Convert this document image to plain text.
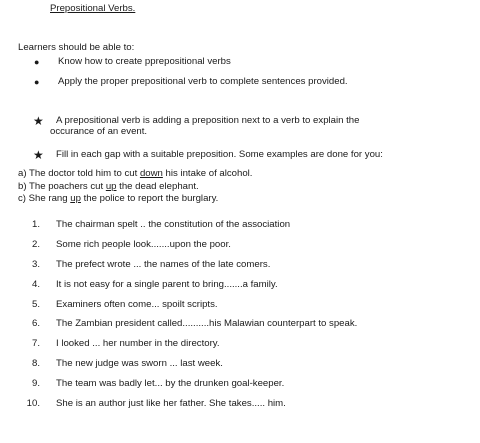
Prepositional Verbs.
Learners should be able to:
● Know how to create pprepositional verbs
● Apply the proper prepositional verb to complete sentences provided.
★ A prepositional verb is adding a preposition next to a verb to explain the
occurance of an event.
★ Fill in each gap with a suitable preposition. Some examples are done for you:
a) The doctor told him to cut down his intake of alcohol.
b) The poachers cut up the dead elephant.
c) She rang up the police to report the burglary.
1. The chairman spelt .. the constitution of the association
2. Some rich people look.......upon the poor.
3. The prefect wrote ... the names of the late comers.
4. It is not easy for a single parent to bring.......a family.
5. Examiners often come... spoilt scripts.
6. The Zambian president called..........his Malawian counterpart to speak.
7. I looked ... her number in the directory.
8. The new judge was sworn ... last week.
9. The team was badly let... by the drunken goal-keeper.
10. She is an author just like her father. She takes..... him.
